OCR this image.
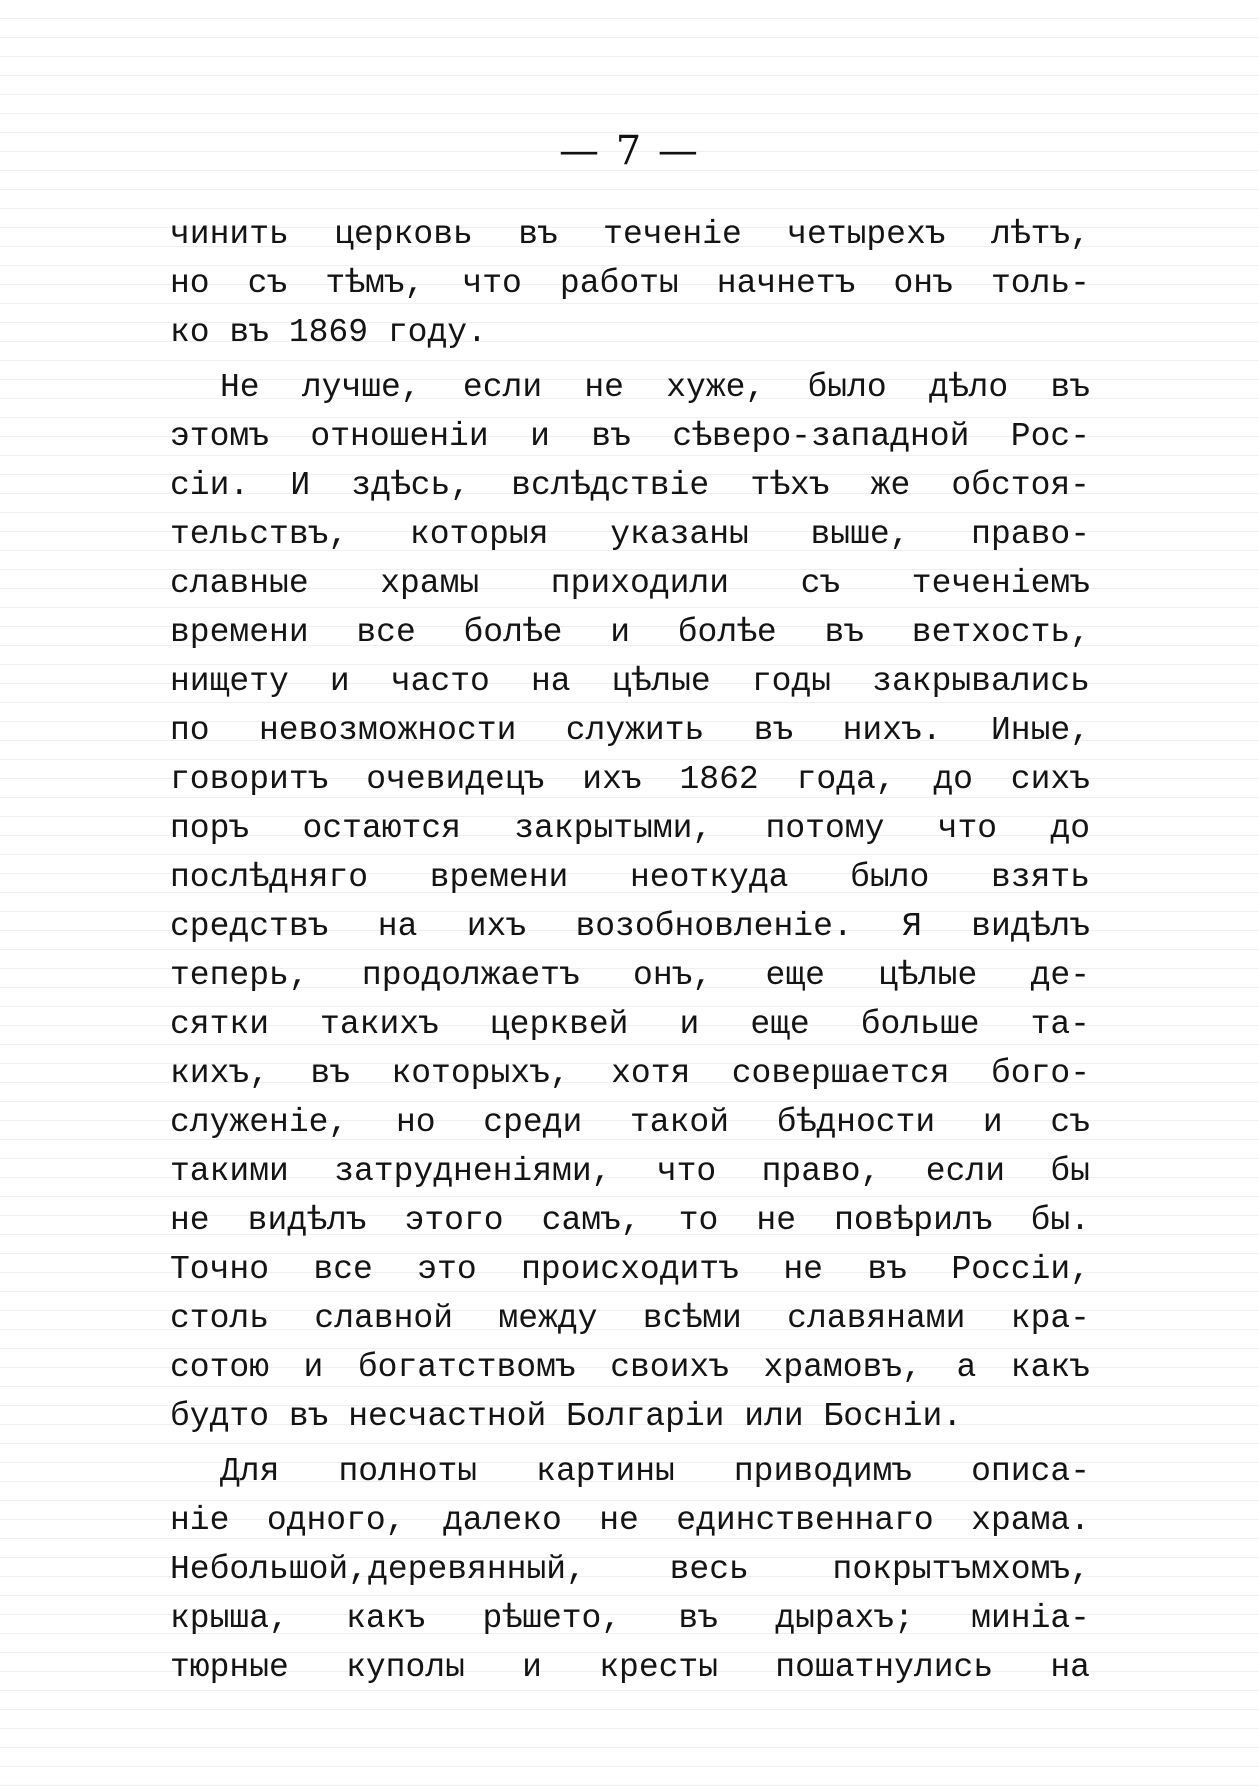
— 7 —
чинить церковь въ теченіе четырехъ лѣтъ,
но съ тѣмъ, что работы начнетъ онъ толь-
ко въ 1869 году.
Не лучше, если не хуже, было дѣло въ
этомъ отношеніи и въ сѣверо-западной Рос-
сіи. И здѣсь, вслѣдствіе тѣхъ же обстоя-
тельствъ, которыя указаны выше, право-
славные храмы приходили съ теченіемъ
времени все болѣе и болѣе въ ветхость,
нищету и часто на цѣлые годы закрывались
по невозможности служить въ нихъ. Иные,
говоритъ очевидецъ ихъ 1862 года, до сихъ
поръ остаются закрытыми, потому что до
послѣдняго времени неоткуда было взять
средствъ на ихъ возобновленіе. Я видѣлъ
теперь, продолжаетъ онъ, еще цѣлые де-
сятки такихъ церквей и еще больше та-
кихъ, въ которыхъ, хотя совершается бого-
служеніе, но среди такой бѣдности и съ
такими затрудненіями, что право, если бы
не видѣлъ этого самъ, то не повѣрилъ бы.
Точно все это происходитъ не въ Россіи,
столь славной между всѣми славянами кра-
сотою и богатствомъ своихъ храмовъ, а какъ
будто въ несчастной Болгаріи или Босніи.
Для полноты картины приводимъ описа-
ніе одного, далеко не единственнаго храма.
Небольшой,деревянный, весь покрытъмхомъ,
крыша, какъ рѣшето, въ дырахъ; миніа-
тюрные куполы и кресты пошатнулись на
